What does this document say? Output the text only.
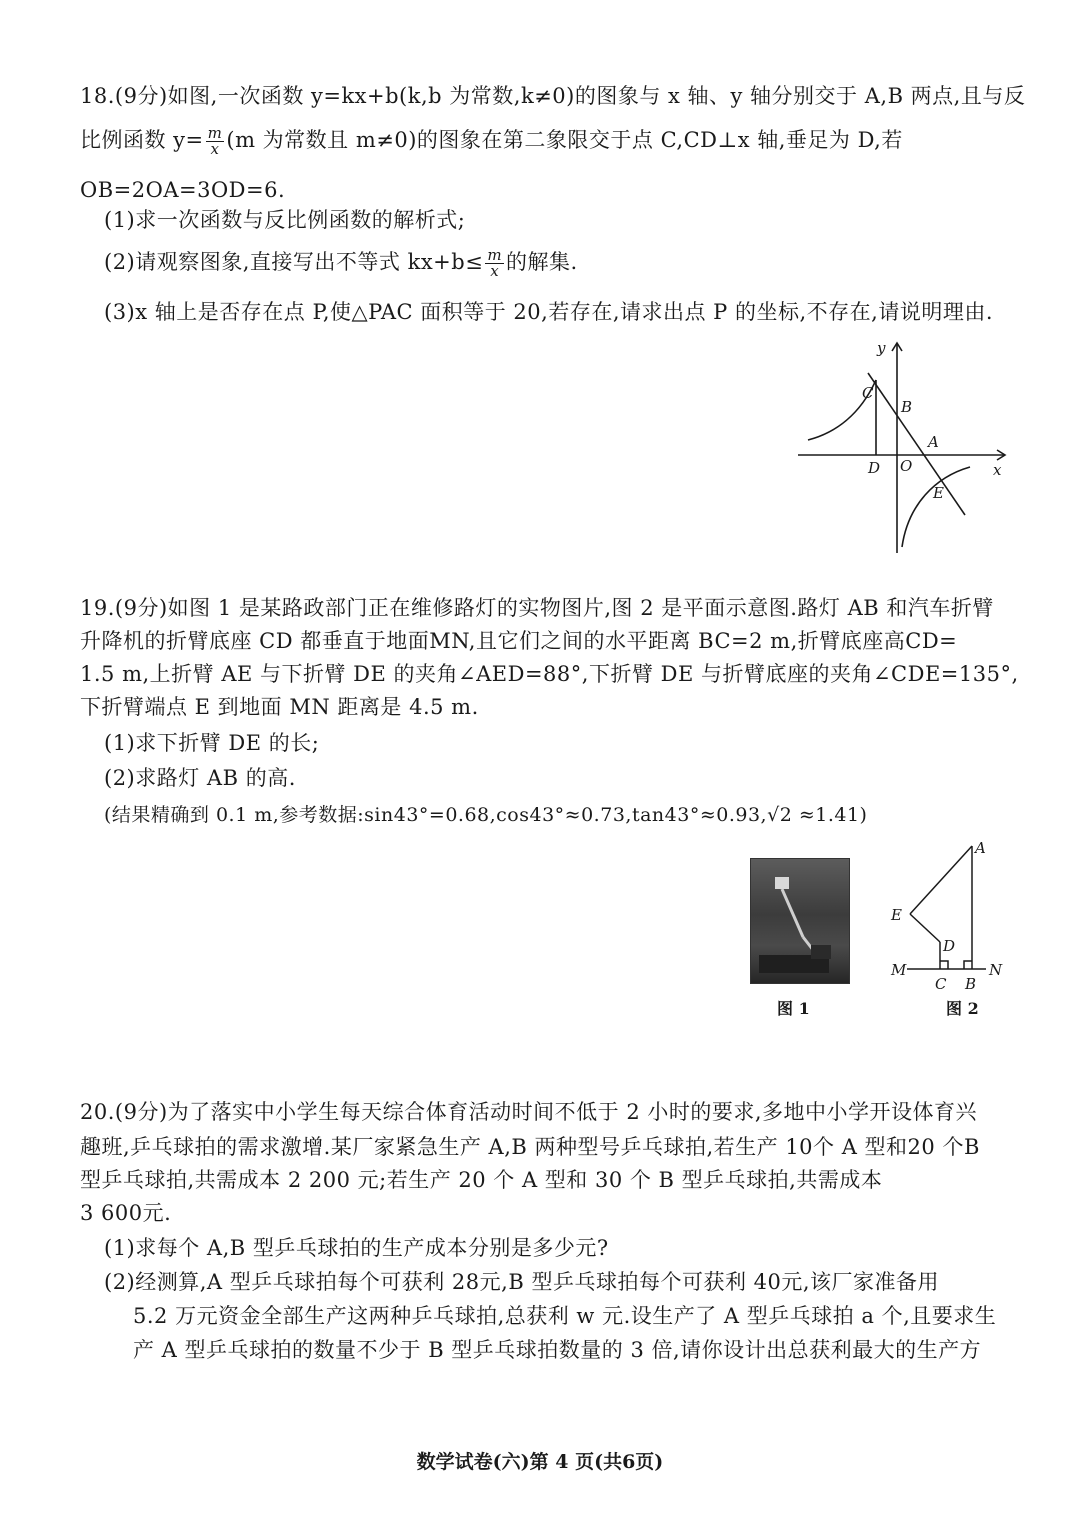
18.(9分)如图,一次函数 y=kx+b(k,b 为常数,k≠0)的图象与 x 轴、y 轴分别交于 A,B 两点,且与反
比例函数 $y= \frac{m}{x} (m$ 为常数且 m≠0)的图象在第二象限交于点 C,CD⊥x 轴,垂足为 D,若
OB=2OA=3OD=6.
(1)求一次函数与反比例函数的解析式;
(2)请观察图象,直接写出不等式 $kx+b\le \frac{m}{x}$ 的解集.
(3)x 轴上是否存在点 P,使△PAC 面积等于 20,若存在,请求出点 P 的坐标,不存在,请说明理由.
y
x
C
B
A
D O
E
19.(9分)如图 1 是某路政部门正在维修路灯的实物图片,图 2 是平面示意图.路灯 AB 和汽车折臂
升降机的折臂底座 CD 都垂直于地面MN,且它们之间的水平距离 BC=2 m,折臂底座高CD=
1.5 m,上折臂 AE 与下折臂 DE 的夹角∠AED=88°,下折臂 DE 与折臂底座的夹角∠CDE=135°,
下折臂端点 E 到地面 MN 距离是 4.5 m.
(1)求下折臂 DE 的长;
(2)求路灯 AB 的高.
(结果精确到 0.1 m,参考数据:sin43°=0.68,cos43°≈0.73,tan43°≈0.93,√2 ≈1.41)
图 1
A
E
D
M
C B
N
图 2
20.(9分)为了落实中小学生每天综合体育活动时间不低于 2 小时的要求,多地中小学开设体育兴
趣班,乒乓球拍的需求激增.某厂家紧急生产 A,B 两种型号乒乓球拍,若生产 10个 A 型和20 个B
型乒乓球拍,共需成本 2 200 元;若生产 20 个 A 型和 30 个 B 型乒乓球拍,共需成本
3 600元.
(1)求每个 A,B 型乒乓球拍的生产成本分别是多少元?
(2)经测算,A 型乒乓球拍每个可获利 28元,B 型乒乓球拍每个可获利 40元,该厂家准备用
5.2 万元资金全部生产这两种乒乓球拍,总获利 w 元.设生产了 A 型乒乓球拍 a 个,且要求生
产 A 型乒乓球拍的数量不少于 B 型乒乓球拍数量的 3 倍,请你设计出总获利最大的生产方
数学试卷(六)第 4 页(共6页)
